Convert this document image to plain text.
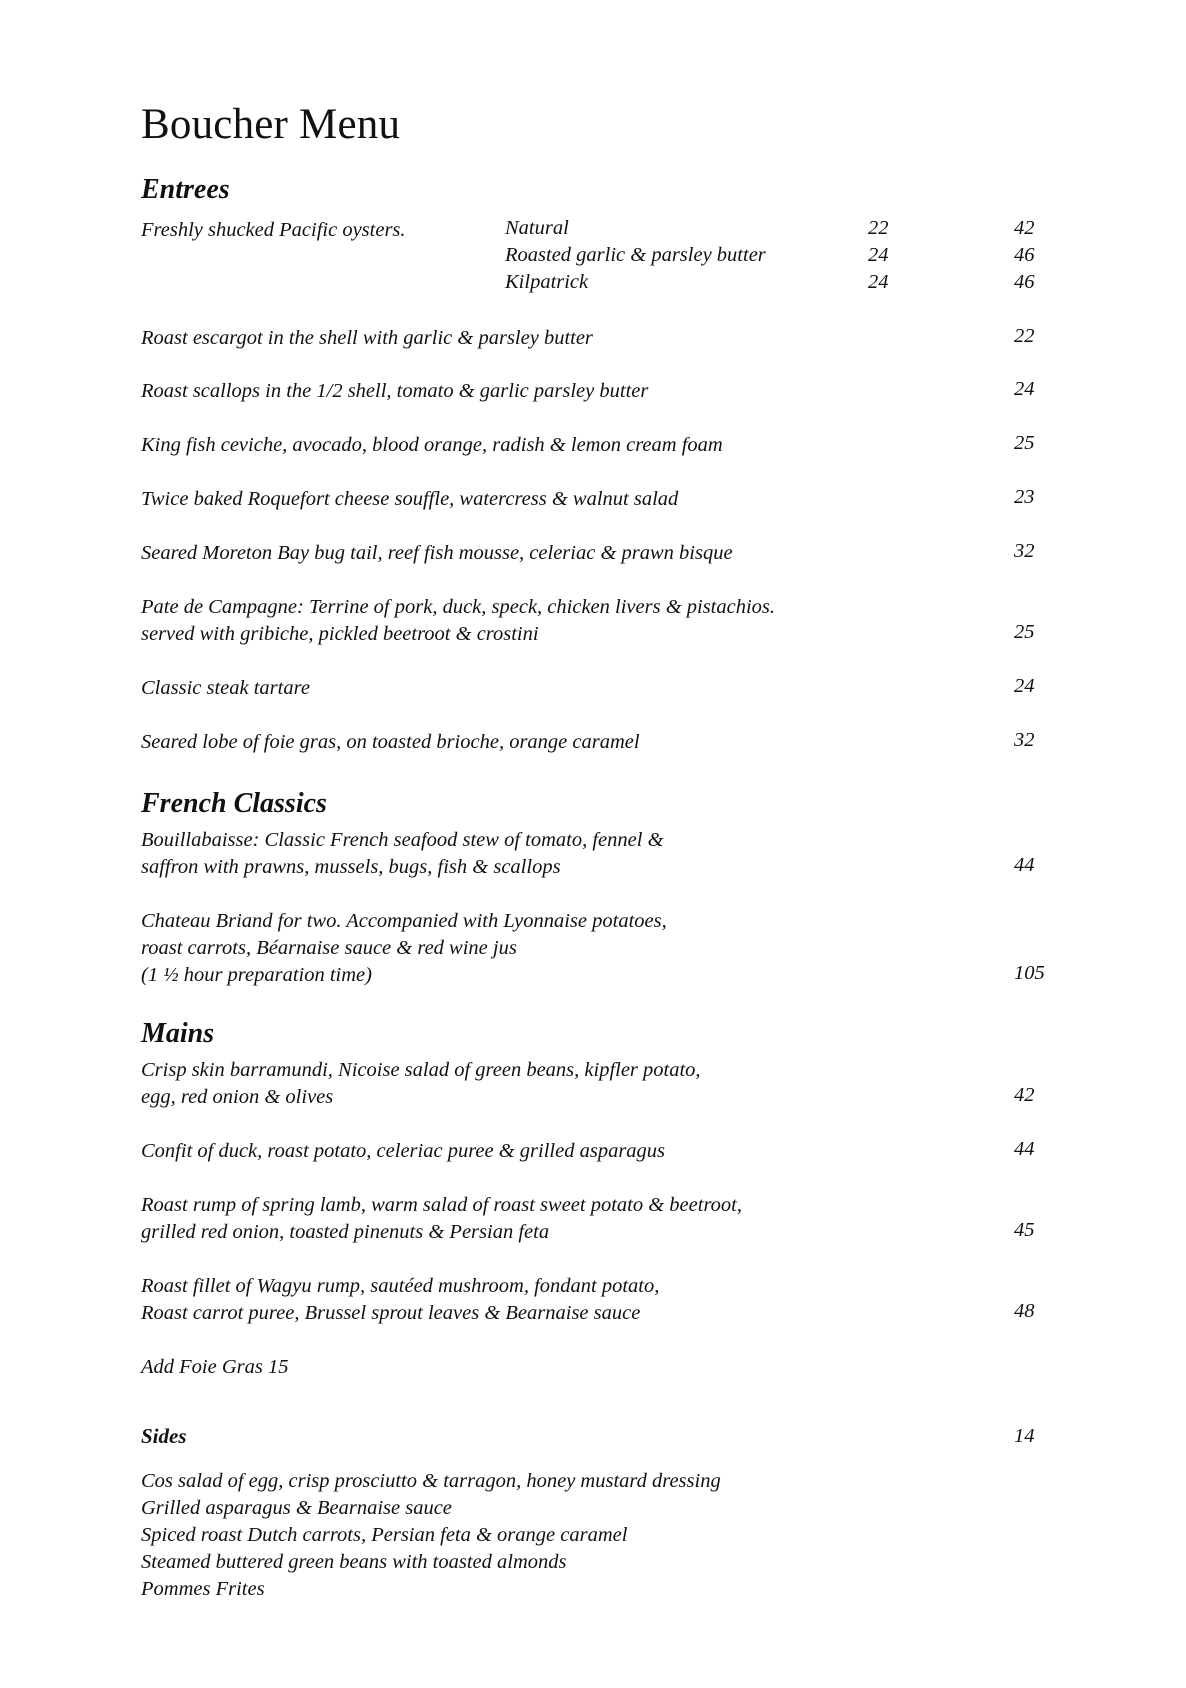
Boucher Menu
Entrees
Freshly shucked Pacific oysters.	Natural	22	42
Roasted garlic & parsley butter	24	46
Kilpatrick	24	46
Roast escargot in the shell with garlic & parsley butter	22
Roast scallops in the 1/2 shell, tomato & garlic parsley butter	24
King fish ceviche, avocado, blood orange, radish & lemon cream foam	25
Twice baked Roquefort cheese souffle, watercress & walnut salad	23
Seared Moreton Bay bug tail, reef fish mousse, celeriac & prawn bisque	32
Pate de Campagne: Terrine of pork, duck, speck, chicken livers & pistachios.
served with gribiche, pickled beetroot & crostini	25
Classic steak tartare	24
Seared lobe of foie gras, on toasted brioche, orange caramel	32
French Classics
Bouillabaisse: Classic French seafood stew of tomato, fennel &
saffron with prawns, mussels, bugs, fish & scallops	44
Chateau Briand for two. Accompanied with Lyonnaise potatoes,
roast carrots, Béarnaise sauce & red wine jus
(1 ½ hour preparation time)	105
Mains
Crisp skin barramundi, Nicoise salad of green beans, kipfler potato,
egg, red onion & olives	42
Confit of duck, roast potato, celeriac puree & grilled asparagus	44
Roast rump of spring lamb, warm salad of roast sweet potato & beetroot,
grilled red onion, toasted pinenuts & Persian feta	45
Roast fillet of Wagyu rump, sautéed mushroom, fondant potato,
Roast carrot puree, Brussel sprout leaves & Bearnaise sauce	48
Add Foie Gras 15
Sides	14
Cos salad of egg, crisp prosciutto & tarragon, honey mustard dressing
Grilled asparagus & Bearnaise sauce
Spiced roast Dutch carrots, Persian feta & orange caramel
Steamed buttered green beans with toasted almonds
Pommes Frites
